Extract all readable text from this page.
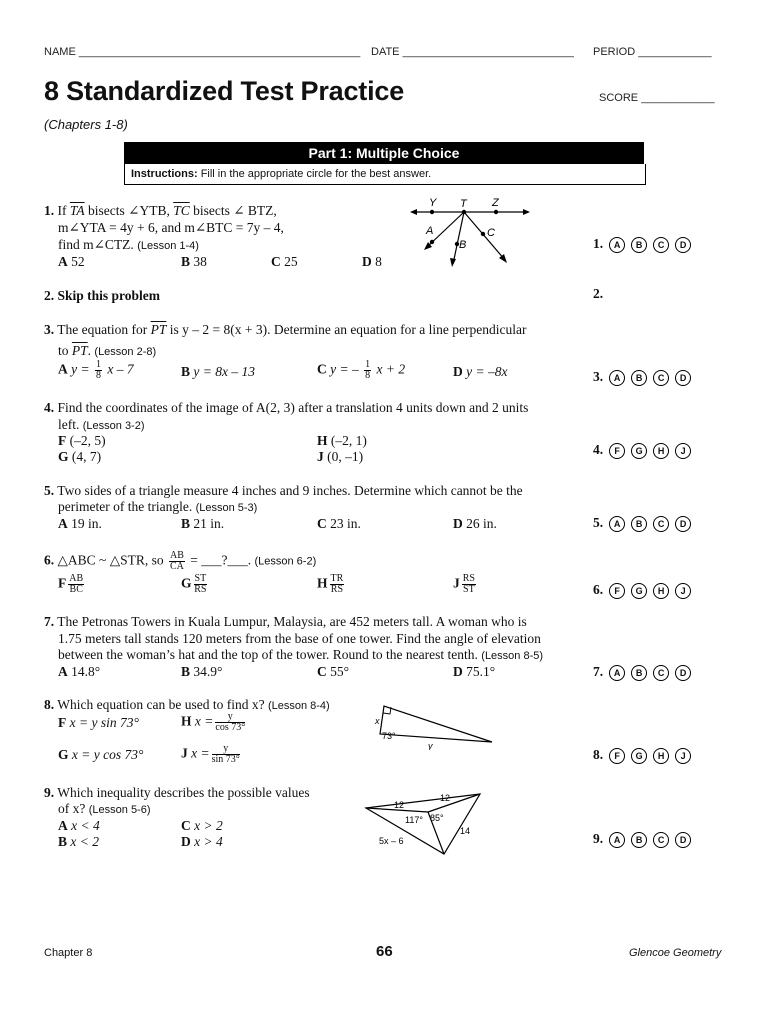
NAME ______________________________________________ DATE ____________________________ PERIOD ____________
8 Standardized Test Practice	SCORE ____________
(Chapters 1-8)
Part 1: Multiple Choice
Instructions: Fill in the appropriate circle for the best answer.
1. If $\overline{TA}$ bisects ∠YTB, $\overline{TC}$ bisects ∠ BTZ,
m∠YTA = 4y + 6, and m∠BTC = 7y – 4,
find m∠CTZ. (Lesson 1-4)
A 52	B 38	C 25	D 8
Y T Z
A
B
C
2. Skip this problem
3. The equation for $\overline{PT}$ is y – 2 = 8(x + 3). Determine an equation for a line perpendicular
to $\overline{PT}$. (Lesson 2-8)
A $y = \frac{1}{8}$ x – 7	B y = 8x – 13	C y = – $\frac{1}{8}$ x + 2	D y = –8x
4. Find the coordinates of the image of A(2, 3) after a translation 4 units down and 2 units
left. (Lesson 3-2)
F (–2, 5)
G (4, 7)
H (–2, 1)
J (0, –1)
5. Two sides of a triangle measure 4 inches and 9 inches. Determine which cannot be the
perimeter of the triangle. (Lesson 5-3)
A 19 in.	B 21 in.	C 23 in.	D 26 in.
6. △ABC ~ △STR, so $\frac{AB}{CA}$ = ___?___. (Lesson 6-2)
F $\frac{AB}{BC}$	G $\frac{ST}{RS}$	H $\frac{TR}{RS}$	J $\frac{RS}{ST}$
7. The Petronas Towers in Kuala Lumpur, Malaysia, are 452 meters tall. A woman who is
1.75 meters tall stands 120 meters from the base of one tower. Find the angle of elevation
between the woman’s hat and the top of the tower. Round to the nearest tenth. (Lesson 8-5)
A 14.8°	B 34.9°	C 55°	D 75.1°
8. Which equation can be used to find x? (Lesson 8-4)
F x = y sin 73°	H $x = \frac{y}{\cos 73^\circ}$
G x = y cos 73°	J $x = \frac{y}{\sin 73^\circ}$
x
73°
y
9. Which inequality describes the possible values
of x? (Lesson 5-6)
A x < 4	C x > 2
B x < 2	D x > 4
12
12
14
5x – 6
117° 85°
1. A B C D
2.
3. A B C D
4. F G H J
5. A B C D
6. F G H J
7. A B C D
8. F G H J
9. A B C D
Chapter 8	66	Glencoe Geometry
